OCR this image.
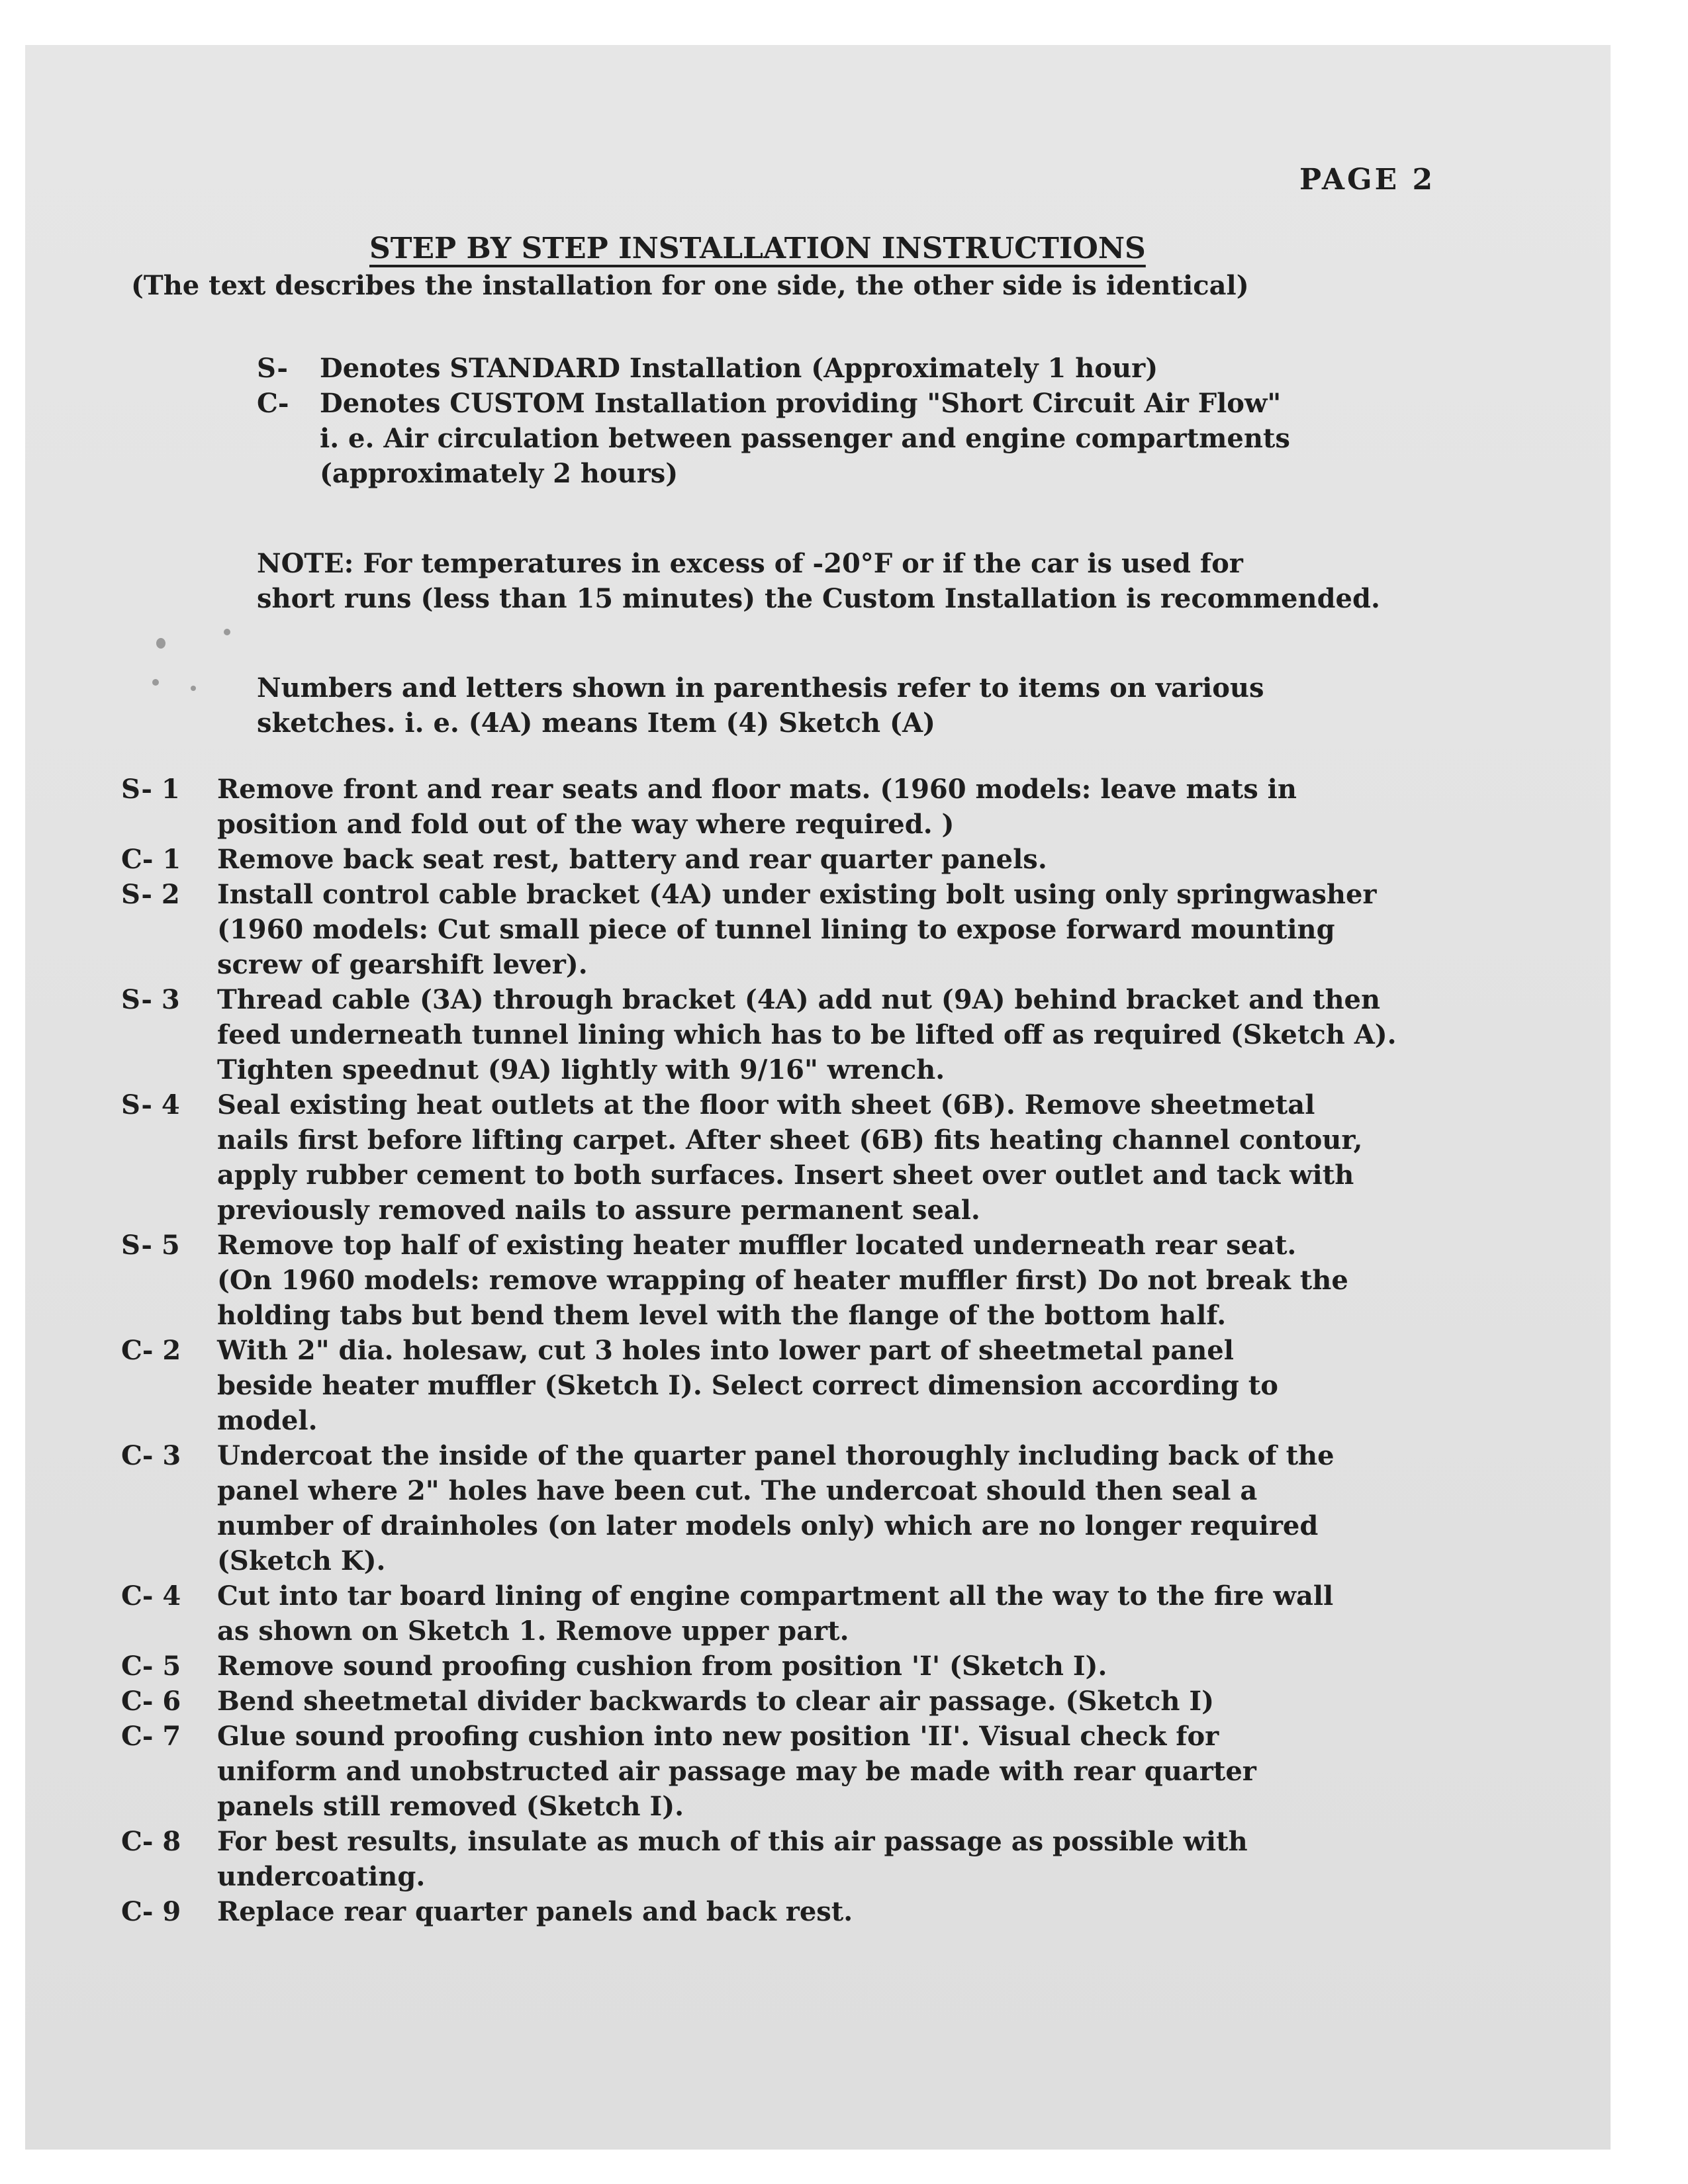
PAGE 2
STEP BY STEP INSTALLATION INSTRUCTIONS
(The text describes the installation for one side, the other side is identical)
S-	Denotes STANDARD Installation (Approximately 1 hour)
C-	Denotes CUSTOM Installation providing "Short Circuit Air Flow"
i. e. Air circulation between passenger and engine compartments
(approximately 2 hours)
NOTE: For temperatures in excess of -20°F or if the car is used for
short runs (less than 15 minutes) the Custom Installation is recommended.
Numbers and letters shown in parenthesis refer to items on various
sketches. i. e. (4A) means Item (4) Sketch (A)
S- 1	Remove front and rear seats and floor mats. (1960 models: leave mats in
position and fold out of the way where required. )
C- 1	Remove back seat rest, battery and rear quarter panels.
S- 2	Install control cable bracket (4A) under existing bolt using only springwasher
(1960 models: Cut small piece of tunnel lining to expose forward mounting
screw of gearshift lever).
S- 3	Thread cable (3A) through bracket (4A) add nut (9A) behind bracket and then
feed underneath tunnel lining which has to be lifted off as required (Sketch A).
Tighten speednut (9A) lightly with 9/16" wrench.
S- 4	Seal existing heat outlets at the floor with sheet (6B). Remove sheetmetal
nails first before lifting carpet. After sheet (6B) fits heating channel contour,
apply rubber cement to both surfaces. Insert sheet over outlet and tack with
previously removed nails to assure permanent seal.
S- 5	Remove top half of existing heater muffler located underneath rear seat.
(On 1960 models: remove wrapping of heater muffler first) Do not break the
holding tabs but bend them level with the flange of the bottom half.
C- 2	With 2" dia. holesaw, cut 3 holes into lower part of sheetmetal panel
beside heater muffler (Sketch I). Select correct dimension according to
model.
C- 3	Undercoat the inside of the quarter panel thoroughly including back of the
panel where 2" holes have been cut. The undercoat should then seal a
number of drainholes (on later models only) which are no longer required
(Sketch K).
C- 4	Cut into tar board lining of engine compartment all the way to the fire wall
as shown on Sketch 1. Remove upper part.
C- 5	Remove sound proofing cushion from position 'I' (Sketch I).
C- 6	Bend sheetmetal divider backwards to clear air passage. (Sketch I)
C- 7	Glue sound proofing cushion into new position 'II'. Visual check for
uniform and unobstructed air passage may be made with rear quarter
panels still removed (Sketch I).
C- 8	For best results, insulate as much of this air passage as possible with
undercoating.
C- 9	Replace rear quarter panels and back rest.
